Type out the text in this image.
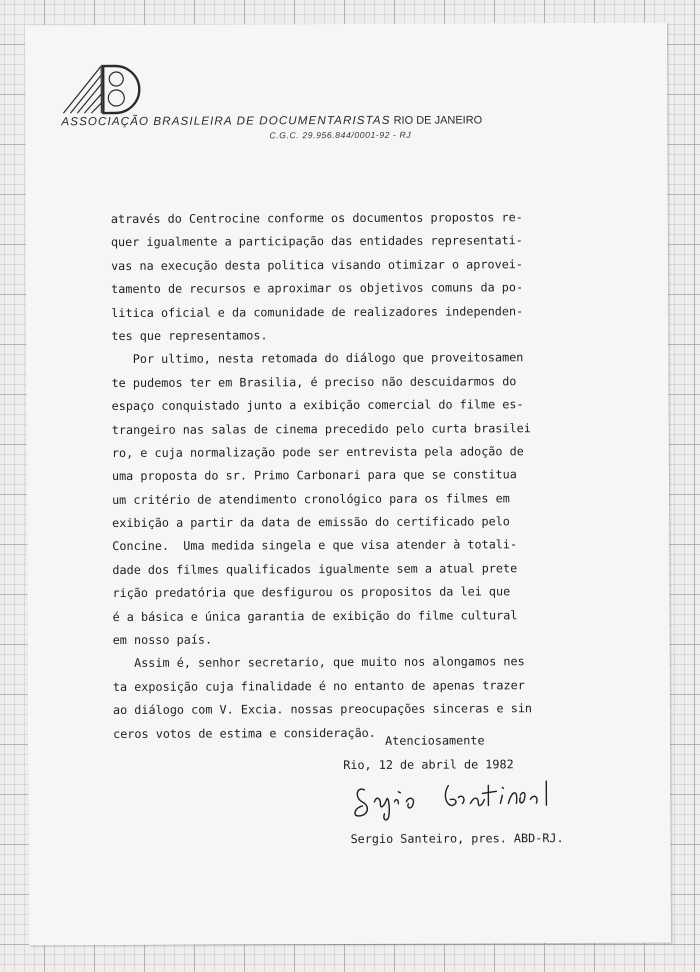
ASSOCIAÇÃO BRASILEIRA DE DOCUMENTARISTAS RIO DE JANEIRO
C.G.C. 29.956.844/0001-92 - RJ
através do Centrocine conforme os documentos propostos re-
quer igualmente a participação das entidades representati-
vas na execução desta politica visando otimizar o aprovei-
tamento de recursos e aproximar os objetivos comuns da po-
litica oficial e da comunidade de realizadores independen-
tes que representamos.
Por ultimo, nesta retomada do diálogo que proveitosamen
te pudemos ter em Brasilia, é preciso não descuidarmos do
espaço conquistado junto a exibição comercial do filme es-
trangeiro nas salas de cinema precedido pelo curta brasilei
ro, e cuja normalização pode ser entrevista pela adoção de
uma proposta do sr. Primo Carbonari para que se constitua
um critério de atendimento cronológico para os filmes em
exibição a partir da data de emissão do certificado pelo
Concine.  Uma medida singela e que visa atender à totali-
dade dos filmes qualificados igualmente sem a atual prete
rição predatória que desfigurou os propositos da lei que
é a básica e única garantia de exibição do filme cultural
em nosso país.
Assim é, senhor secretario, que muito nos alongamos nes
ta exposição cuja finalidade é no entanto de apenas trazer
ao diálogo com V. Excia. nossas preocupações sinceras e sin
ceros votos de estima e consideração.
Atenciosamente
Rio, 12 de abril de 1982
Sergio Santeiro, pres. ABD-RJ.
